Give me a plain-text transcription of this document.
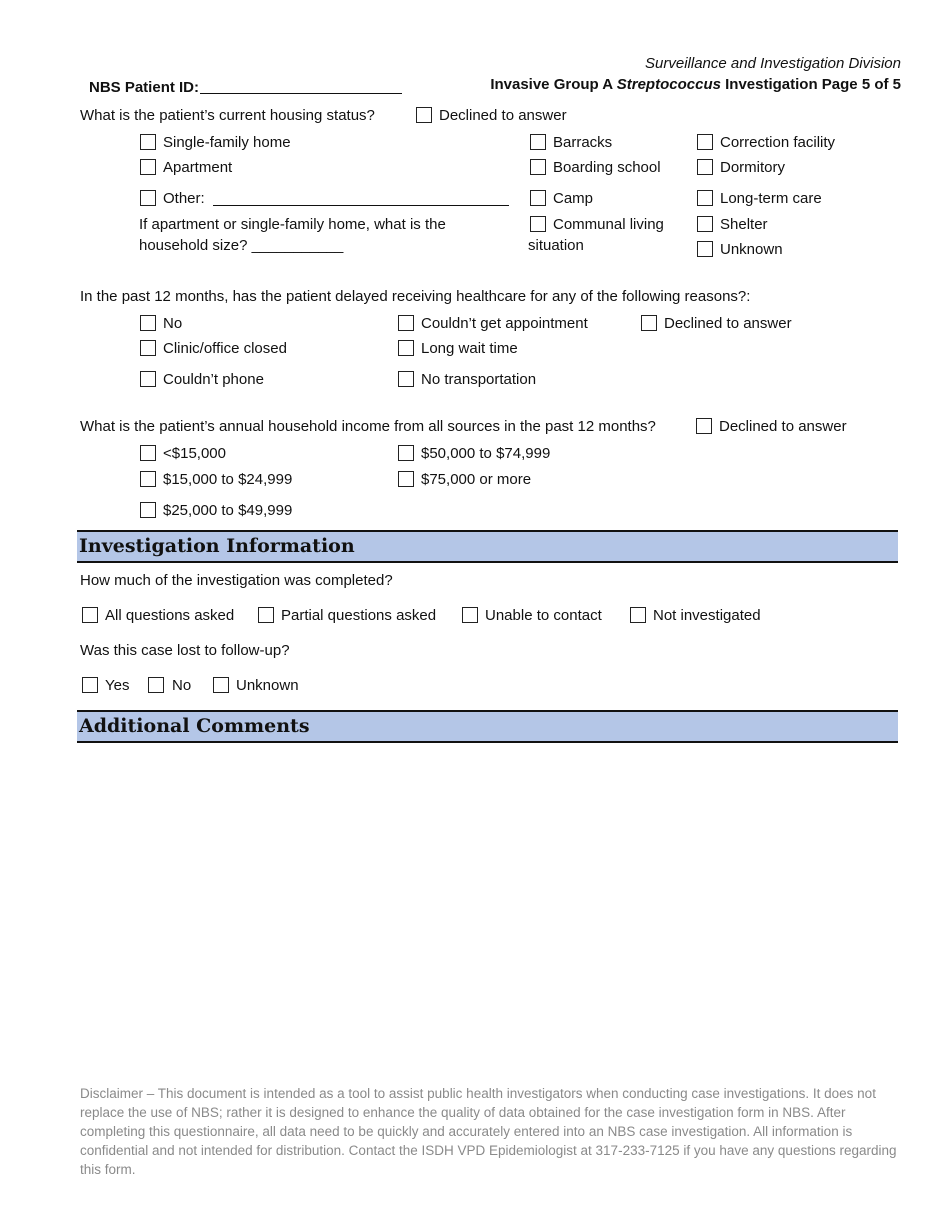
Surveillance and Investigation Division
Invasive Group A Streptococcus Investigation Page 5 of 5
NBS Patient ID:
What is the patient’s current housing status?	Declined to answer
Single-family home
Apartment
Other:
If apartment or single-family home, what is the
household size? ___________
Barracks
Boarding school
Camp
Communal living
situation
Correction facility
Dormitory
Long-term care
Shelter
Unknown
In the past 12 months, has the patient delayed receiving healthcare for any of the following reasons?:
No
Clinic/office closed
Couldn’t phone
Couldn’t get appointment
Long wait time
No transportation
Declined to answer
What is the patient’s annual household income from all sources in the past 12 months?	Declined to answer
<$15,000
$15,000 to $24,999
$25,000 to $49,999
$50,000 to $74,999
$75,000 or more
Investigation Information
How much of the investigation was completed?
All questions asked	Partial questions asked	Unable to contact	Not investigated
Was this case lost to follow-up?
Yes	No	Unknown
Additional Comments
Disclaimer – This document is intended as a tool to assist public health investigators when conducting case investigations. It does not replace the use of NBS; rather it is designed to enhance the quality of data obtained for the case investigation form in NBS. After completing this questionnaire, all data need to be quickly and accurately entered into an NBS case investigation. All information is confidential and not intended for distribution. Contact the ISDH VPD Epidemiologist at 317-233-7125 if you have any questions regarding this form.
